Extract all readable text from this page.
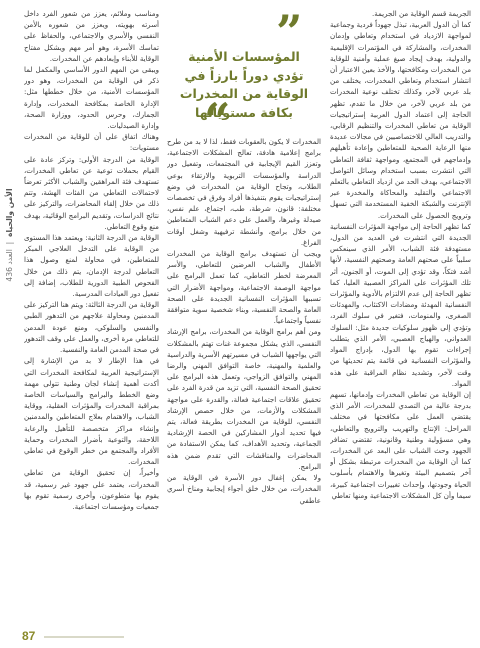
الأمن والحياة  |  العدد 436

الجريمة قسم الوقاية من الجريمة.

كما أن الدول العربية، تبذل جهوداً فردية وجماعية لمواجهة الازدياد في استخدام وتعاطي وإدمان المخدرات، والمشاركة في المؤتمرات الإقليمية والدولية، بهدف إيجاد صيغ عملية وأمنية للوقاية من المخدرات ومكافحتها، والأخذ بعين الاعتبار أن انتشار استخدام وتعاطي المخدرات، يختلف من بلد عربي لآخر، وكذلك تختلف نوعية المخدرات من بلد عربي لآخر، من خلال ما تقدم، تظهر الحاجة إلى اعتماد الدول العربية إستراتيجيات الوقاية من تعاطي المخدرات والتنظيم الرقابي، والتدريب العالي للاختصاصيين في مجالات عديدة منها الرعاية الصحية للمتعاطين وإعادة تأهيلهم وإدماجهم في المجتمع، ومواجهة ثقافة التعاطي التي انتشرت بسبب استخدام وسائل التواصل الاجتماعي، بهدف الحد من ازدياد التعاطي بالتعلم الاجتماعي والتقليد والمحاكاة والمخدرة عبر الإنترنت والشبكة الخفية المستخدمة التي تسهل وترويج الحصول على المخدرات.

كما تظهر الحاجة إلى مواجهة المؤثرات النفسانية الجديدة التي انتشرت في العديد من الدول، مستهدفة فئة الشباب، الأمر الذي سينعكس سلبياً على صحتهم العامة وصحتهم النفسية، لأنها أشد فتكاً، وقد تؤدي إلى الموت، أو الجنون، أثر تلك المؤثرات على المراكز العصبية العليا، كما تظهر الحاجة إلى عدم الالتزام بالأدوية والمؤثرات النفسانية المهدئة ومضادات الاكتئاب، والمهدئات الصغرى، والمنومات، فتغير في سلوك الفرد، وتؤدي إلى ظهور سلوكيات جديدة مثل: السلوك العدواني، والهياج العصبي، الأمر الذي يتطلب إجراءات تقوم بها الدول، بإدراج المواد والمؤثرات النفسانية في قائمة يتم تحديثها من وقت لآخر، وتشديد نظام المراقبة على هذه المواد.

إن الوقاية من تعاطي المخدرات وإدمانها، تسهم بدرجة عالية من التصدي للمخدرات، الأمر الذي يقتضي العمل على مكافحتها في مختلف المراحل: الإنتاج والتهريب والترويج والتعاطي، وهي مسؤولية وطنية وقانونية، تقتضي تضافر الجهود وحث الشباب على البعد عن المخدرات، كما أن الوقاية من المخدرات مرتبطة بشكل أو آخر بتصميم البيئة وتغيرها والاهتمام بأسلوب الحياة وجودتها، وإحداث تغييرات اجتماعية كبيرة، سيما وأن كل المشكلات الاجتماعية ومنها تعاطي

”
المؤسسات الأمنية
تؤدي دوراً بارزاً في
الوقاية من المخدرات
بكافة مستوياتها
“

المخدرات لا يكون بالعقوبات فقط، لذا لا بد من طرح برامج إعلامية هادفة، تعالج المشكلات الاجتماعية، وتعزز القيم الإيجابية في المجتمعات، وتفعيل دور الدراسة والمؤسسات التربوية والارتقاء بوعي الطلاب، وتجاح الوقاية من المخدرات في وضع إستراتيجيات يقوم بتنفيذها أفراد وفرق في تخصصات مختلفة: قانون، شرطة، طب، اجتماع، علم نفس، صيدلة وغيرها، والعمل على دعم الشباب المتعاطين من خلال برامج، وأنشطة ترفيهية وشغل أوقات الفراغ.

ويجب أن تستهدف برامج الوقاية من المخدرات الأطفال والشباب العرضين للتعاطي، والأسر المعرضة لخطر التعاطي، كما تعمل البرامج على مواجهة الوصمة الاجتماعية، ومواجهة الأضرار التي تسببها المؤثرات النفسانية الجديدة على الصحة العامة والصحة النفسية، وبناء شخصية سوية متوافقة نفسياً واجتماعياً.

ومن أهم برامج الوقاية من المخدرات، برامج الإرشاد النفسي، الذي يشكل مجموعة غنات تهتم بالمشكلات التي يواجهها الشباب في مسيرتهم الأسرية والدراسية والعلمية والمهنية، خاصة التوافق المهني والرضا المهني والتوافق الزواجي، وتعمل هذه البرامج على تحقيق الصحة النفسية، التي تزيد من قدرة الفرد على تحقيق علاقات اجتماعية فعالة، والقدرة على مواجهة المشكلات والأزمات، من خلال حصص الإرشاد النفسي، للوقاية من المخدرات بطريقة فعالة، يتم فيها تحديد أدوار المشاركين في الحصة الإرشادية الجماعية، وتحديد الأهداف، كما يمكن الاستفادة من المحاضرات والمناقشات التي تقدم ضمن هذه البرامج.

ولا يمكن إغفال دور الأسرة في الوقاية من المخدرات، من خلال خلق أجواء إيجابية ومناخ أسري عاطفي

ومناسب وملائم، يعزز من شعور الفرد داخل أسرته بهويته، ويعزز من شعوره بالأمن النفسي والأسري والاجتماعي، والحفاظ على تماسك الأسرة، وهو أمر مهم ويشكل مفتاح الوقاية للأبناء وإبعادهم عن المخدرات.

ويبقى من المهم الدور الأساسي والمكمل لما ذكر في الوقاية من المخدرات، وهو دور المؤسسات الأمنية، من خلال خططها مثل: الإدارة الخاصة بمكافحة المخدرات، وإدارة الجمارك، وحرس الحدود، ووزارة الصحة، وإدارة الصيدليات.

وهناك اتفاق على أن للوقاية من المخدرات مستويات:

الوقاية من الدرجة الأولى: وتركز عادة على القيام بحملات توعية عن تعاطي المخدرات، تستهدف فئة المراهقين والشباب الأكثر تعرضاً لاحتمالات التعاطي من الفئات الهشة، وتتم ذلك من خلال إلقاء المحاضرات، والتركيز على نتائج الدراسات، وتقديم البرامج الوقائية، بهدف منع وقوع التعاطي.

الوقاية من الدرجة الثانية: ويعتمد هذا المستوى من الوقاية على التدخل العلاجي المبكر للمتعاطين، في محاولة لمنع وصول هذا التعاطي لدرجة الإدمان، يتم ذلك من خلال الفحوص الطبية الدورية للطلاب، إضافة إلى تفعيل دور العيادات المدرسية.

الوقاية من الدرجة الثالثة: ويتم هنا التركيز على المدمنين ومحاولة علاجهم من التدهور الطبي والنفسي والسلوكي، ومنع عودة المدمن للتعاطي مرة أخرى، والعمل على وقف التدهور في صحة المدمن العامة والنفسية.

في هذا الإطار لا بد من الإشارة إلى الإستراتيجية العربية لمكافحة المخدرات التي أكدت أهمية إنشاء لجان وطنية تتولى مهمة وضع الخطط والبرامج والسياسات الخاصة بمراقبة المخدرات والمؤثرات العقلية، ووقاية الشباب، والاهتمام بعلاج المتعاطين والمدمنين وإنشاء مراكز متخصصة للتأهيل والرعاية اللاحقة، والتوعية بأضرار المخدرات وحماية الأفراد والمجتمع من خطر الوقوع في تعاطي المخدرات.

وأخيراً، إن تحقيق الوقاية من تعاطي المخدرات، يعتمد على جهود غير رسمية، قد يقوم بها متطوعون، وأخرى رسمية تقوم بها جمعيات ومؤسسات اجتماعية.

87
